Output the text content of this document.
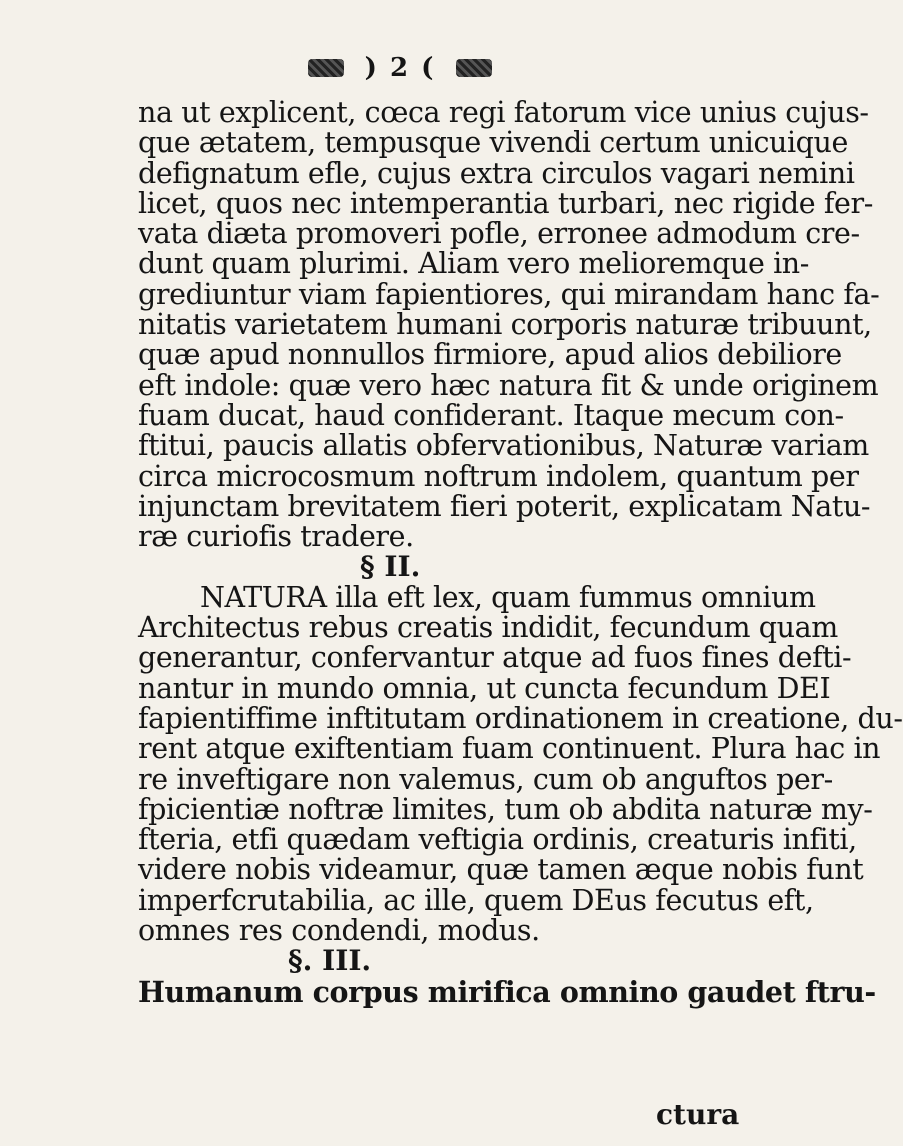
) 2 (
na ut explicent, cœca regi fatorum vice unius cujus-
que ætatem, tempusque vivendi certum unicuique
defignatum efle, cujus extra circulos vagari nemini
licet, quos nec intemperantia turbari, nec rigide fer-
vata diæta promoveri pofle, erronee admodum cre-
dunt quam plurimi. Aliam vero melioremque in-
grediuntur viam fapientiores, qui mirandam hanc fa-
nitatis varietatem humani corporis naturæ tribuunt,
quæ apud nonnullos firmiore, apud alios debiliore
eft indole: quæ vero hæc natura fit & unde originem
fuam ducat, haud confiderant. Itaque mecum con-
ftitui, paucis allatis obfervationibus, Naturæ variam
circa microcosmum noftrum indolem, quantum per
injunctam brevitatem fieri poterit, explicatam Natu-
ræ curiofis tradere.
§ II.
NATURA illa eft lex, quam fummus omnium
Architectus rebus creatis indidit, fecundum quam
generantur, confervantur atque ad fuos fines defti-
nantur in mundo omnia, ut cuncta fecundum DEI
fapientiffime inftitutam ordinationem in creatione, du-
rent atque exiftentiam fuam continuent. Plura hac in
re inveftigare non valemus, cum ob anguftos per-
fpicientiæ noftræ limites, tum ob abdita naturæ my-
fteria, etfi quædam veftigia ordinis, creaturis infiti,
videre nobis videamur, quæ tamen æque nobis funt
imperfcrutabilia, ac ille, quem DEus fecutus eft,
omnes res condendi, modus.
§. III.
Humanum corpus mirifica omnino gaudet ftru-
ctura
